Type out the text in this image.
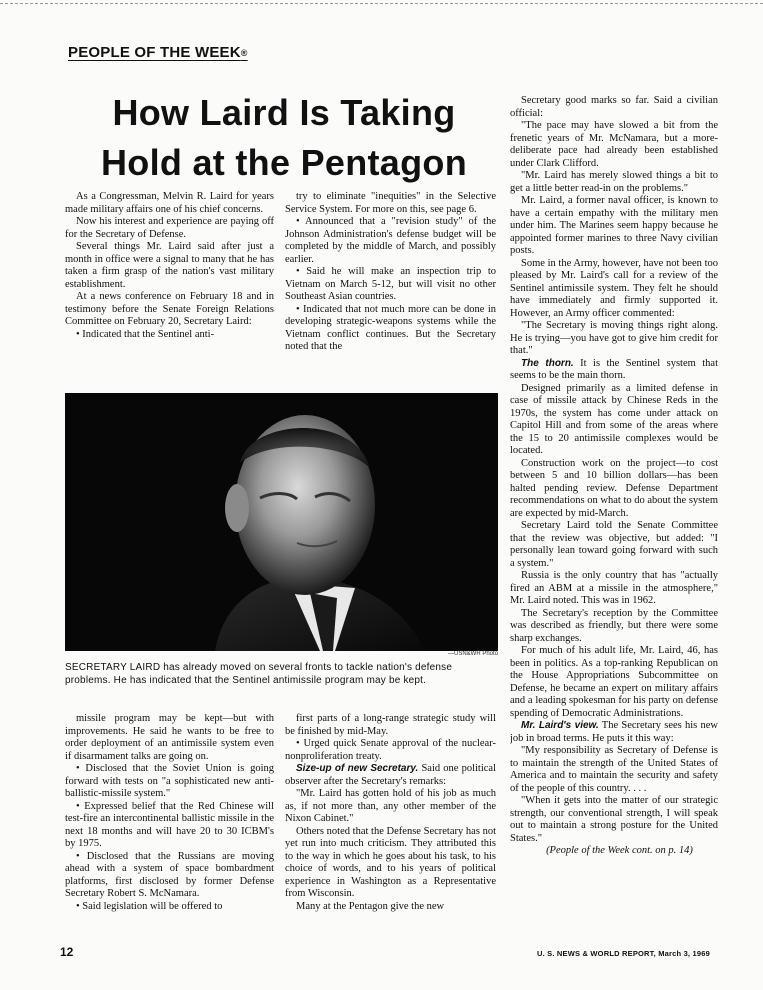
PEOPLE OF THE WEEK®
How Laird Is Taking Hold at the Pentagon

As a Congressman, Melvin R. Laird for years made military affairs one of his chief concerns.

Now his interest and experience are paying off for the Secretary of Defense.

Several things Mr. Laird said after just a month in office were a signal to many that he has taken a firm grasp of the nation's vast military establishment.

At a news conference on February 18 and in testimony before the Senate Foreign Relations Committee on February 20, Secretary Laird:

• Indicated that the Sentinel anti-

try to eliminate "inequities" in the Selective Service System. For more on this, see page 6.

• Announced that a "revision study" of the Johnson Administration's defense budget will be completed by the middle of March, and possibly earlier.

• Said he will make an inspection trip to Vietnam on March 5-12, but will visit no other Southeast Asian countries.

• Indicated that not much more can be done in developing strategic-weapons systems while the Vietnam conflict continues. But the Secretary noted that the

Secretary good marks so far. Said a civilian official:

"The pace may have slowed a bit from the frenetic years of Mr. McNamara, but a more-deliberate pace had already been established under Clark Clifford.

"Mr. Laird has merely slowed things a bit to get a little better read-in on the problems."

Mr. Laird, a former naval officer, is known to have a certain empathy with the military men under him. The Marines seem happy because he appointed former marines to three Navy civilian posts.

Some in the Army, however, have not been too pleased by Mr. Laird's call for a review of the Sentinel antimissile system. They felt he should have immediately and firmly supported it. However, an Army officer commented:

"The Secretary is moving things right along. He is trying—you have got to give him credit for that."

The thorn. It is the Sentinel system that seems to be the main thorn.

Designed primarily as a limited defense in case of missile attack by Chinese Reds in the 1970s, the system has come under attack on Capitol Hill and from some of the areas where the 15 to 20 antimissile complexes would be located.

Construction work on the project—to cost between 5 and 10 billion dollars—has been halted pending review. Defense Department recommendations on what to do about the system are expected by mid-March.

Secretary Laird told the Senate Committee that the review was objective, but added: "I personally lean toward going forward with such a system."

Russia is the only country that has "actually fired an ABM at a missile in the atmosphere," Mr. Laird noted. This was in 1962.

The Secretary's reception by the Committee was described as friendly, but there were some sharp exchanges.

For much of his adult life, Mr. Laird, 46, has been in politics. As a top-ranking Republican on the House Appropriations Subcommittee on Defense, he became an expert on military affairs and a leading spokesman for his party on defense spending of Democratic Administrations.

Mr. Laird's view. The Secretary sees his new job in broad terms. He puts it this way:

"My responsibility as Secretary of Defense is to maintain the strength of the United States of America and to maintain the security and safety of the people of this country. . . .

"When it gets into the matter of our strategic strength, our conventional strength, I will speak out to maintain a strong posture for the United States."

(People of the Week cont. on p. 14)

—USN&WR Photo
SECRETARY LAIRD has already moved on several fronts to tackle nation's defense problems. He has indicated that the Sentinel antimissile program may be kept.

missile program may be kept—but with improvements. He said he wants to be free to order deployment of an antimissile system even if disarmament talks are going on.

• Disclosed that the Soviet Union is going forward with tests on "a sophisticated new anti-ballistic-missile system."

• Expressed belief that the Red Chinese will test-fire an intercontinental ballistic missile in the next 18 months and will have 20 to 30 ICBM's by 1975.

• Disclosed that the Russians are moving ahead with a system of space bombardment platforms, first disclosed by former Defense Secretary Robert S. McNamara.

• Said legislation will be offered to

first parts of a long-range strategic study will be finished by mid-May.

• Urged quick Senate approval of the nuclear-nonproliferation treaty.

Size-up of new Secretary. Said one political observer after the Secretary's remarks:

"Mr. Laird has gotten hold of his job as much as, if not more than, any other member of the Nixon Cabinet."

Others noted that the Defense Secretary has not yet run into much criticism. They attributed this to the way in which he goes about his task, to his choice of words, and to his years of political experience in Washington as a Representative from Wisconsin.

Many at the Pentagon give the new

12	U. S. NEWS & WORLD REPORT, March 3, 1969
